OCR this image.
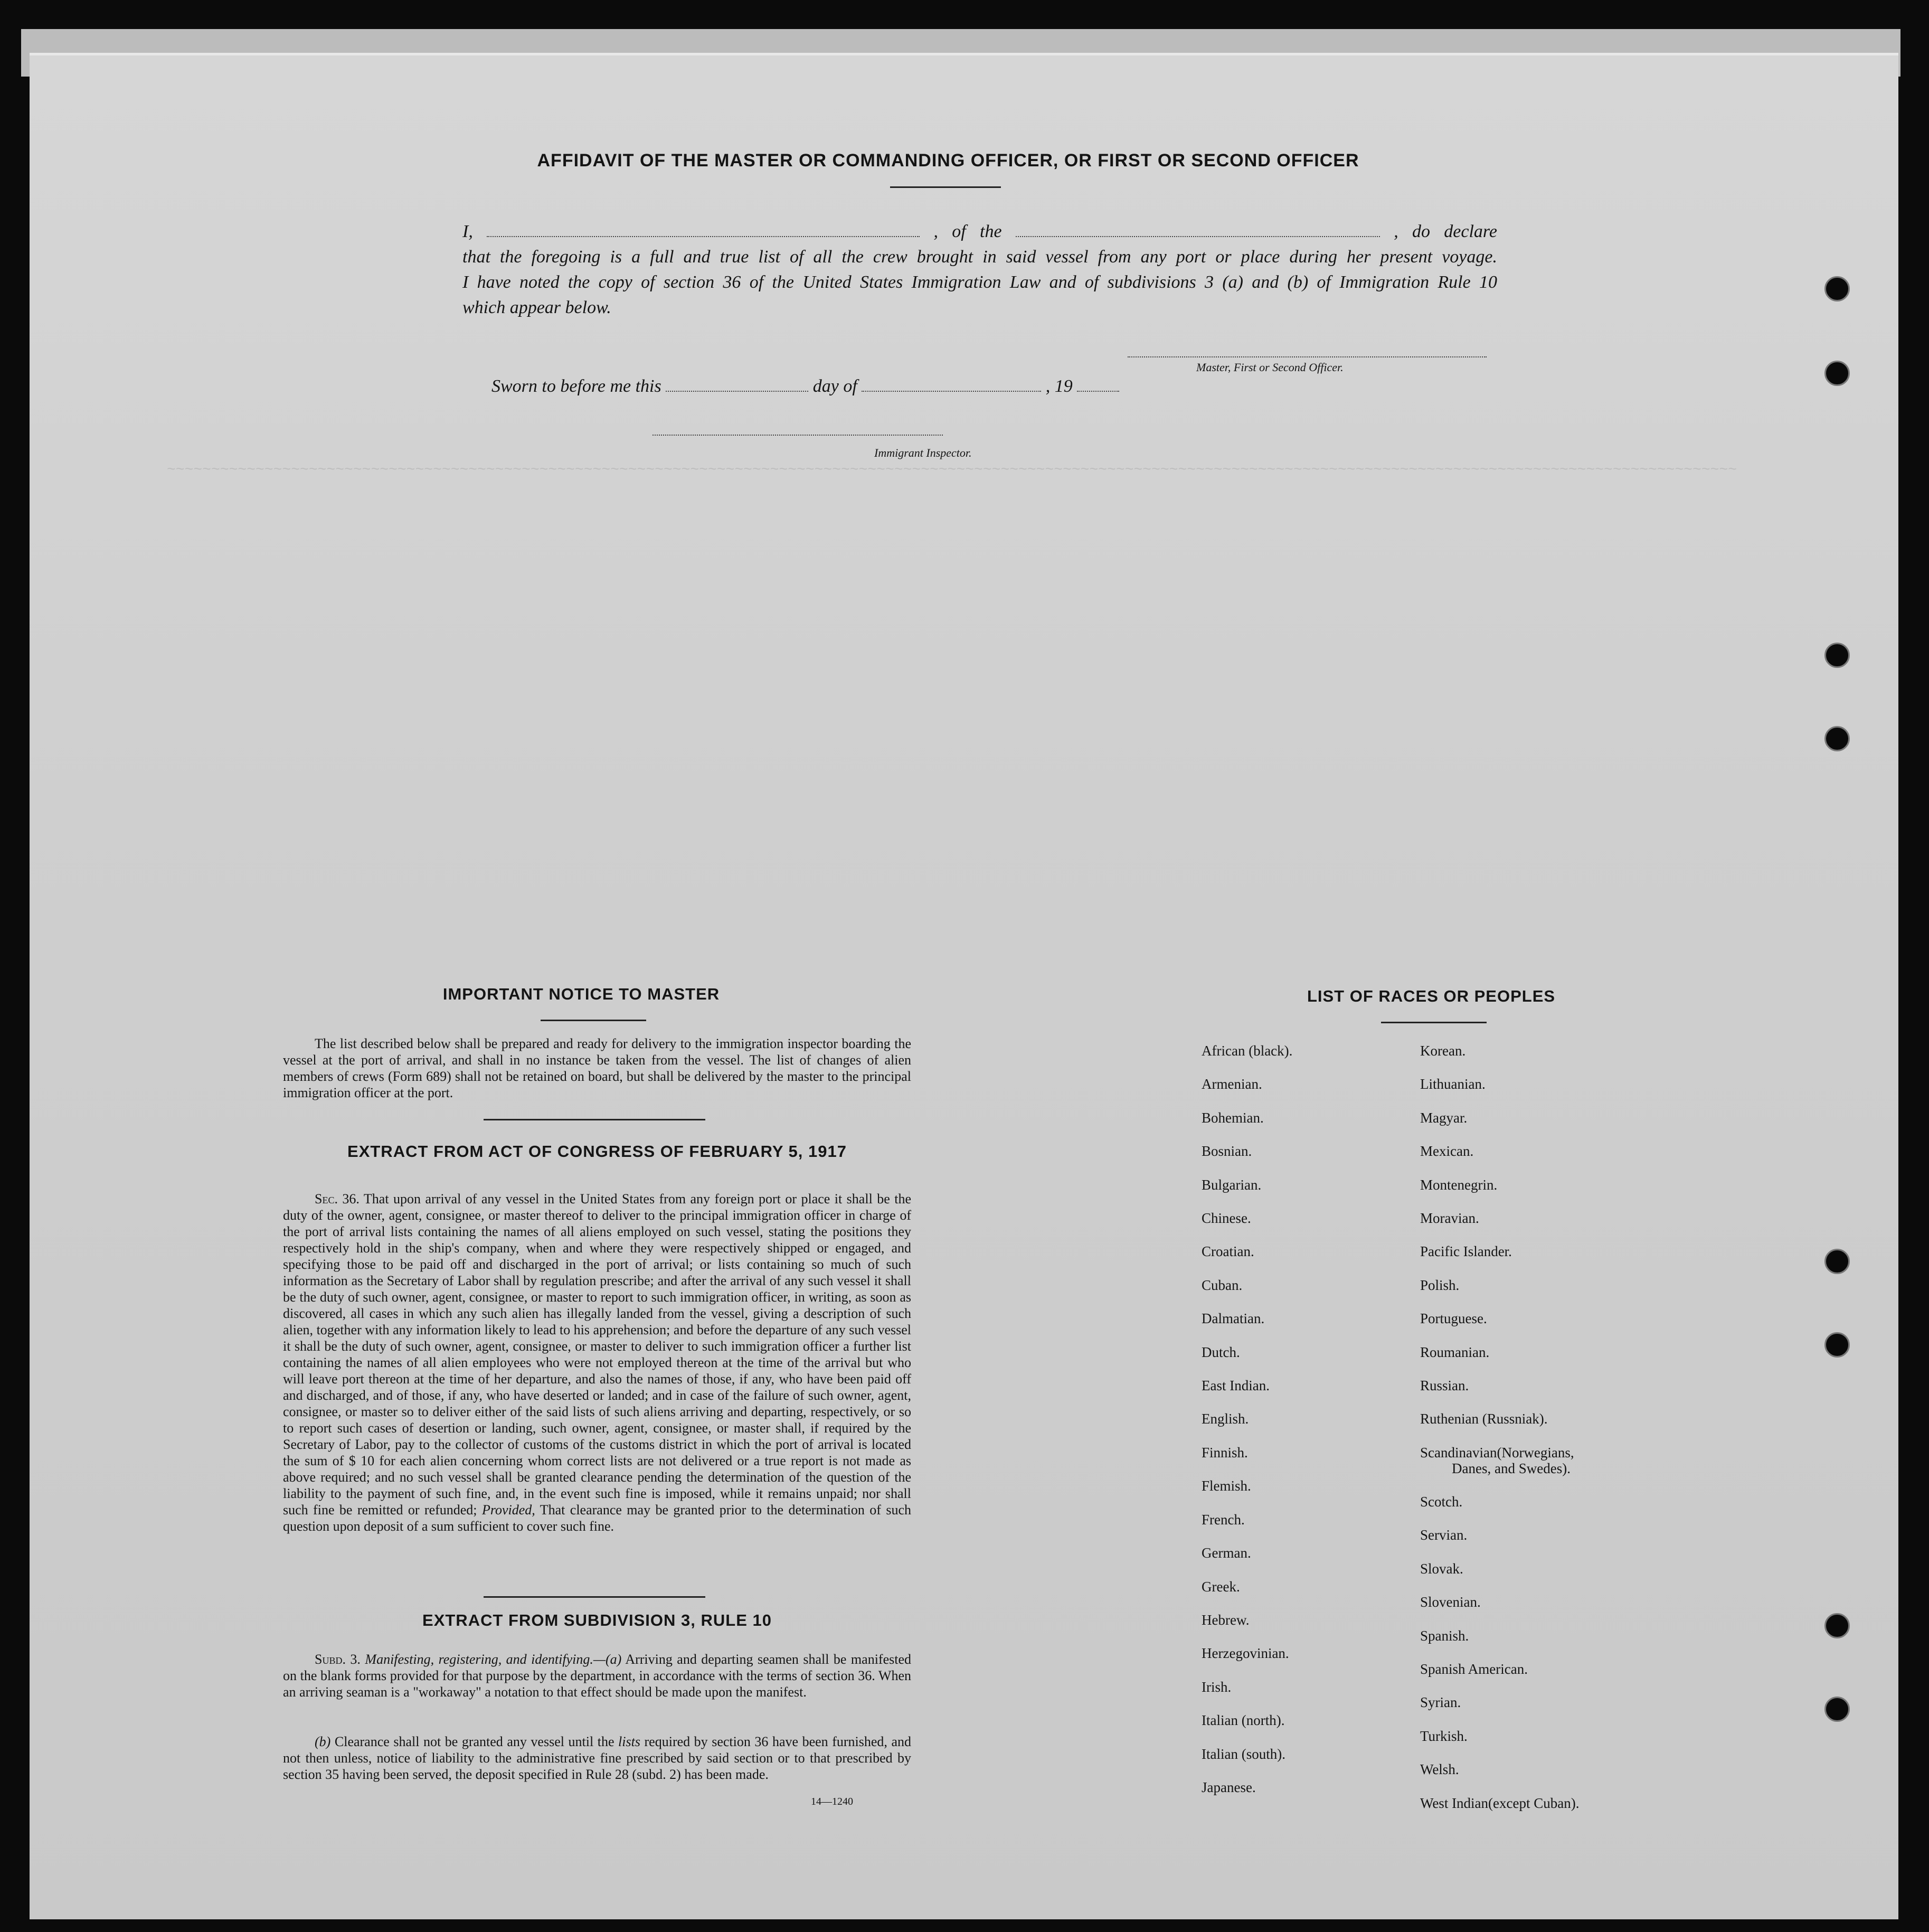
~~~~~~~~~~~~~~~~~~~~~~~~~~~~~~~~~~~~~~~~~~~~~~~~~~~~~~~~~~~~~~~~~~~~~~~~~~~~~~~~~~~~~~~~~~~~~~~~~~~~~~~~~~~~~~~~~~~~~~~~~~~~~~~~~~~~~~~~~~~~~~~~~~~~~~~~~~~~~~~~~~~~~~~~~~~~~~~~~
AFFIDAVIT OF THE MASTER OR COMMANDING OFFICER, OR FIRST OR SECOND OFFICER
I,	, of the	, do declare
that the foregoing is a full and true list of all the crew brought in said vessel from any port or place during her present voyage.
I have noted the copy of section 36 of the United States Immigration Law and of subdivisions 3 (a) and (b) of Immigration Rule 10
which appear below.
Master, First or Second Officer.
Sworn to before me this	day of	, 19
Immigrant Inspector.
IMPORTANT NOTICE TO MASTER
The list described below shall be prepared and ready for delivery to the immigration inspector boarding the vessel at the port of arrival, and shall in no instance be taken from the vessel. The list of changes of alien members of crews (Form 689) shall not be retained on board, but shall be delivered by the master to the principal immigration officer at the port.
EXTRACT FROM ACT OF CONGRESS OF FEBRUARY 5, 1917
Sec. 36. That upon arrival of any vessel in the United States from any foreign port or place it shall be the duty of the owner, agent, consignee, or master thereof to deliver to the principal immigration officer in charge of the port of arrival lists containing the names of all aliens employed on such vessel, stating the positions they respectively hold in the ship's company, when and where they were respectively shipped or engaged, and specifying those to be paid off and discharged in the port of arrival; or lists containing so much of such information as the Secretary of Labor shall by regulation prescribe; and after the arrival of any such vessel it shall be the duty of such owner, agent, consignee, or master to report to such immigration officer, in writing, as soon as discovered, all cases in which any such alien has illegally landed from the vessel, giving a description of such alien, together with any information likely to lead to his apprehension; and before the departure of any such vessel it shall be the duty of such owner, agent, consignee, or master to deliver to such immigration officer a further list containing the names of all alien employees who were not employed thereon at the time of the arrival but who will leave port thereon at the time of her departure, and also the names of those, if any, who have been paid off and discharged, and of those, if any, who have deserted or landed; and in case of the failure of such owner, agent, consignee, or master so to deliver either of the said lists of such aliens arriving and departing, respectively, or so to report such cases of desertion or landing, such owner, agent, consignee, or master shall, if required by the Secretary of Labor, pay to the collector of customs of the customs district in which the port of arrival is located the sum of $ 10 for each alien concerning whom correct lists are not delivered or a true report is not made as above required; and no such vessel shall be granted clearance pending the determination of the question of the liability to the payment of such fine, and, in the event such fine is imposed, while it remains unpaid; nor shall such fine be remitted or refunded; Provided, That clearance may be granted prior to the determination of such question upon deposit of a sum sufficient to cover such fine.
EXTRACT FROM SUBDIVISION 3, RULE 10
Subd. 3. Manifesting, registering, and identifying.—(a) Arriving and departing seamen shall be manifested on the blank forms provided for that purpose by the department, in accordance with the terms of section 36. When an arriving seaman is a "workaway" a notation to that effect should be made upon the manifest.
(b) Clearance shall not be granted any vessel until the lists required by section 36 have been furnished, and not then unless, notice of liability to the administrative fine prescribed by said section or to that prescribed by section 35 having been served, the deposit specified in Rule 28 (subd. 2) has been made.
14—1240
LIST OF RACES OR PEOPLES
African (black).
Armenian.
Bohemian.
Bosnian.
Bulgarian.
Chinese.
Croatian.
Cuban.
Dalmatian.
Dutch.
East Indian.
English.
Finnish.
Flemish.
French.
German.
Greek.
Hebrew.
Herzegovinian.
Irish.
Italian (north).
Italian (south).
Japanese.
Korean.
Lithuanian.
Magyar.
Mexican.
Montenegrin.
Moravian.
Pacific Islander.
Polish.
Portuguese.
Roumanian.
Russian.
Ruthenian (Russniak).
Scandinavian(Norwegians,
Danes, and Swedes).
Scotch.
Servian.
Slovak.
Slovenian.
Spanish.
Spanish American.
Syrian.
Turkish.
Welsh.
West Indian(except Cuban).
